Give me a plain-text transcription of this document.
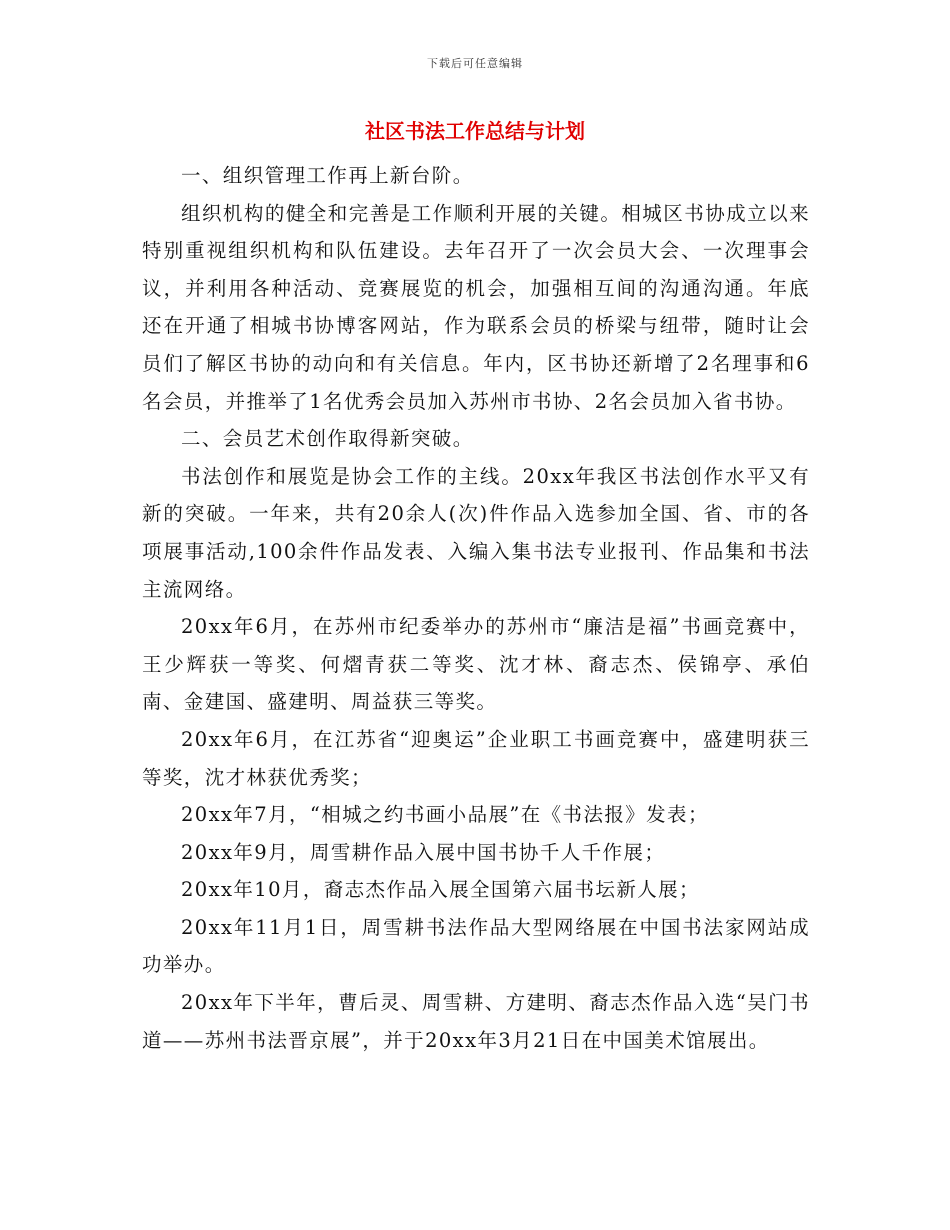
下载后可任意编辑
社区书法工作总结与计划

一、组织管理工作再上新台阶。

组织机构的健全和完善是工作顺利开展的关键。相城区书协成立以来特别重视组织机构和队伍建设。去年召开了一次会员大会、一次理事会议，并利用各种活动、竞赛展览的机会，加强相互间的沟通沟通。年底还在开通了相城书协博客网站，作为联系会员的桥梁与纽带，随时让会员们了解区书协的动向和有关信息。年内，区书协还新增了2名理事和6名会员，并推举了1名优秀会员加入苏州市书协、2名会员加入省书协。

二、会员艺术创作取得新突破。

书法创作和展览是协会工作的主线。20xx年我区书法创作水平又有新的突破。一年来，共有20余人(次)件作品入选参加全国、省、市的各项展事活动,100余件作品发表、入编入集书法专业报刊、作品集和书法主流网络。

20xx年6月，在苏州市纪委举办的苏州市“廉洁是福”书画竞赛中，王少辉获一等奖、何熠青获二等奖、沈才林、裔志杰、侯锦亭、承伯南、金建国、盛建明、周益获三等奖。

20xx年6月，在江苏省“迎奥运”企业职工书画竞赛中，盛建明获三等奖，沈才林获优秀奖；

20xx年7月，“相城之约书画小品展”在《书法报》发表；

20xx年9月，周雪耕作品入展中国书协千人千作展；

20xx年10月，裔志杰作品入展全国第六届书坛新人展；

20xx年11月1日，周雪耕书法作品大型网络展在中国书法家网站成功举办。

20xx年下半年，曹后灵、周雪耕、方建明、裔志杰作品入选“吴门书道——苏州书法晋京展”，并于20xx年3月21日在中国美术馆展出。
